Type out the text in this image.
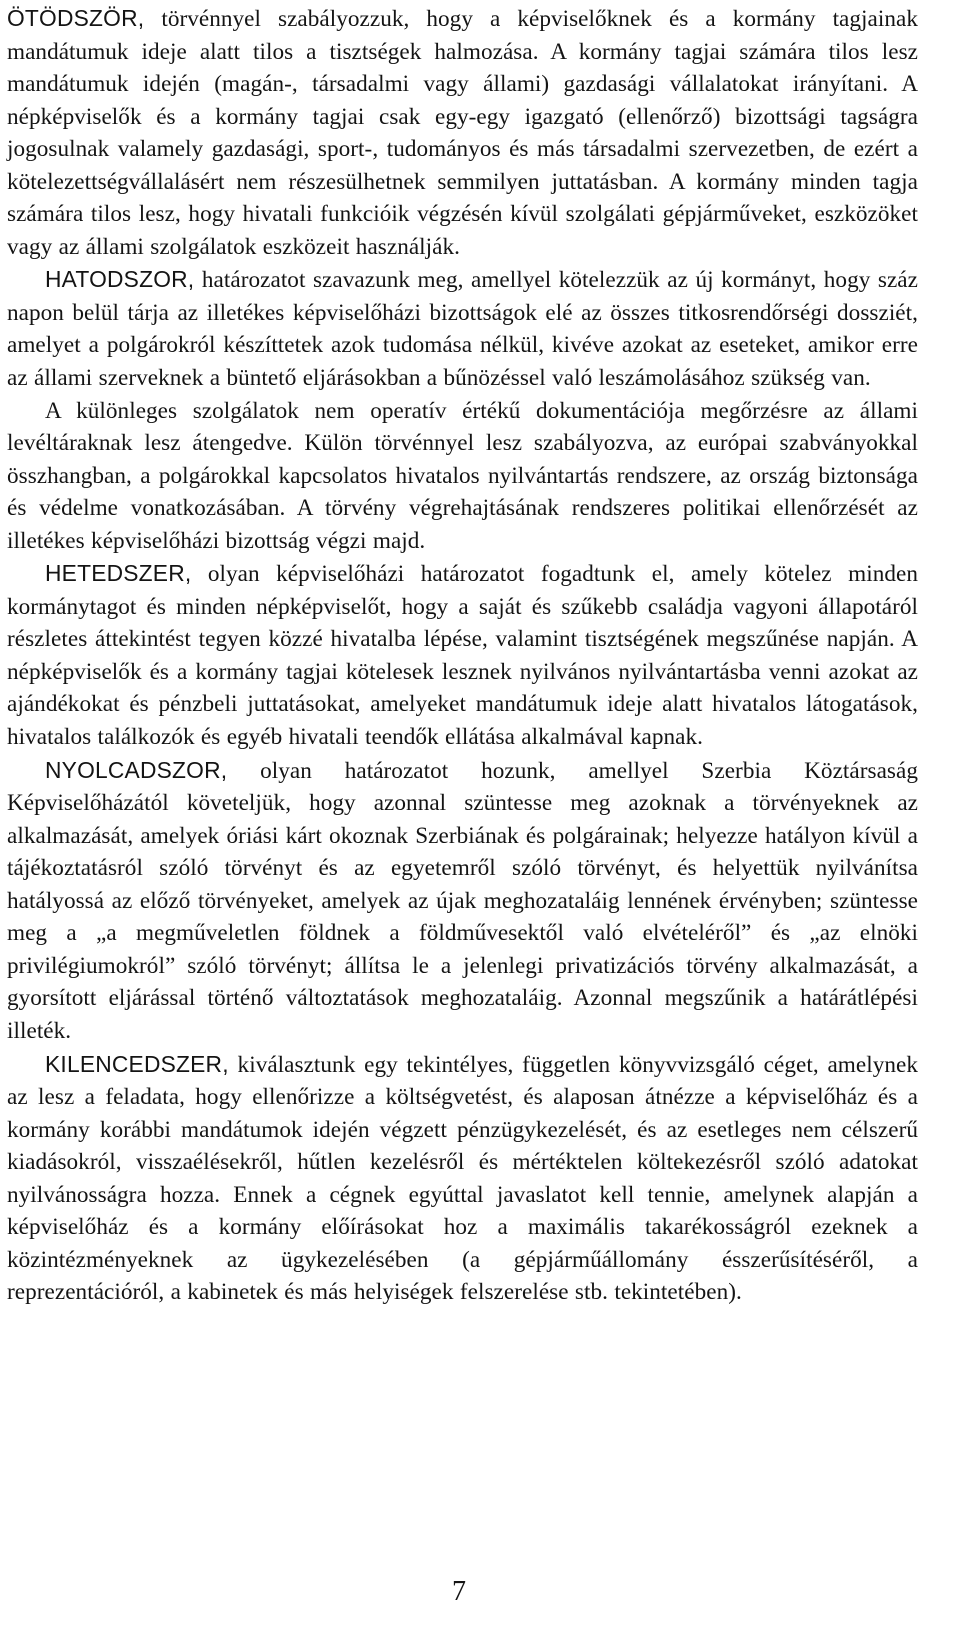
ÖTÖDSZÖR, törvénnyel szabályozzuk, hogy a képviselőknek és a kormány tagjainak mandátumuk ideje alatt tilos a tisztségek halmozása. A kormány tagjai számára tilos lesz mandátumuk idején (magán-, társadalmi vagy állami) gazdasági vállalatokat irányítani. A népképviselők és a kormány tagjai csak egy-egy igazgató (ellenőrző) bizottsági tagságra jogosulnak valamely gazdasági, sport-, tudományos és más társadalmi szervezetben, de ezért a kötelezettségvállalásért nem részesülhetnek semmilyen juttatásban. A kormány minden tagja számára tilos lesz, hogy hivatali funkcióik végzésén kívül szolgálati gépjárműveket, eszközöket vagy az állami szolgálatok eszközeit használják.

HATODSZOR, határozatot szavazunk meg, amellyel kötelezzük az új kormányt, hogy száz napon belül tárja az illetékes képviselőházi bizottságok elé az összes titkosrendőrségi dossziét, amelyet a polgárokról készíttetek azok tudomása nélkül, kivéve azokat az eseteket, amikor erre az állami szerveknek a büntető eljárásokban a bűnözéssel való leszámolásához szükség van.

A különleges szolgálatok nem operatív értékű dokumentációja megőrzésre az állami levéltáraknak lesz átengedve. Külön törvénnyel lesz szabályozva, az európai szabványokkal összhangban, a polgárokkal kapcsolatos hivatalos nyilvántartás rendszere, az ország biztonsága és védelme vonatkozásában. A törvény végrehajtásának rendszeres politikai ellenőrzését az illetékes képviselőházi bizottság végzi majd.

HETEDSZER, olyan képviselőházi határozatot fogadtunk el, amely kötelez minden kormánytagot és minden népképviselőt, hogy a saját és szűkebb családja vagyoni állapotáról részletes áttekintést tegyen közzé hivatalba lépése, valamint tisztségének megszűnése napján. A népképviselők és a kormány tagjai kötelesek lesznek nyilvános nyilvántartásba venni azokat az ajándékokat és pénzbeli juttatásokat, amelyeket mandátumuk ideje alatt hivatalos látogatások, hivatalos találkozók és egyéb hivatali teendők ellátása alkalmával kapnak.

NYOLCADSZOR, olyan határozatot hozunk, amellyel Szerbia Köztársaság Képviselőházától követeljük, hogy azonnal szüntesse meg azoknak a törvényeknek az alkalmazását, amelyek óriási kárt okoznak Szerbiának és polgárainak; helyezze hatályon kívül a tájékoztatásról szóló törvényt és az egyetemről szóló törvényt, és helyettük nyilvánítsa hatályossá az előző törvényeket, amelyek az újak meghozataláig lennének érvényben; szüntesse meg a „a megműveletlen földnek a földművesektől való elvételéről” és „az elnöki privilégiumokról” szóló törvényt; állítsa le a jelenlegi privatizációs törvény alkalmazását, a gyorsított eljárással történő változtatások meghozataláig. Azonnal megszűnik a határátlépési illeték.

KILENCEDSZER, kiválasztunk egy tekintélyes, független könyvvizsgáló céget, amelynek az lesz a feladata, hogy ellenőrizze a költségvetést, és alaposan átnézze a képviselőház és a kormány korábbi mandátumok idején végzett pénzügykezelését, és az esetleges nem célszerű kiadásokról, visszaélésekről, hűtlen kezelésről és mértéktelen költekezésről szóló adatokat nyilvánosságra hozza. Ennek a cégnek egyúttal javaslatot kell tennie, amelynek alapján a képviselőház és a kormány előírásokat hoz a maximális takarékosságról ezeknek a közintézményeknek az ügykezelésében (a gépjárműállomány ésszerűsítéséről, a reprezentációról, a kabinetek és más helyiségek felszerelése stb. tekintetében).

7
